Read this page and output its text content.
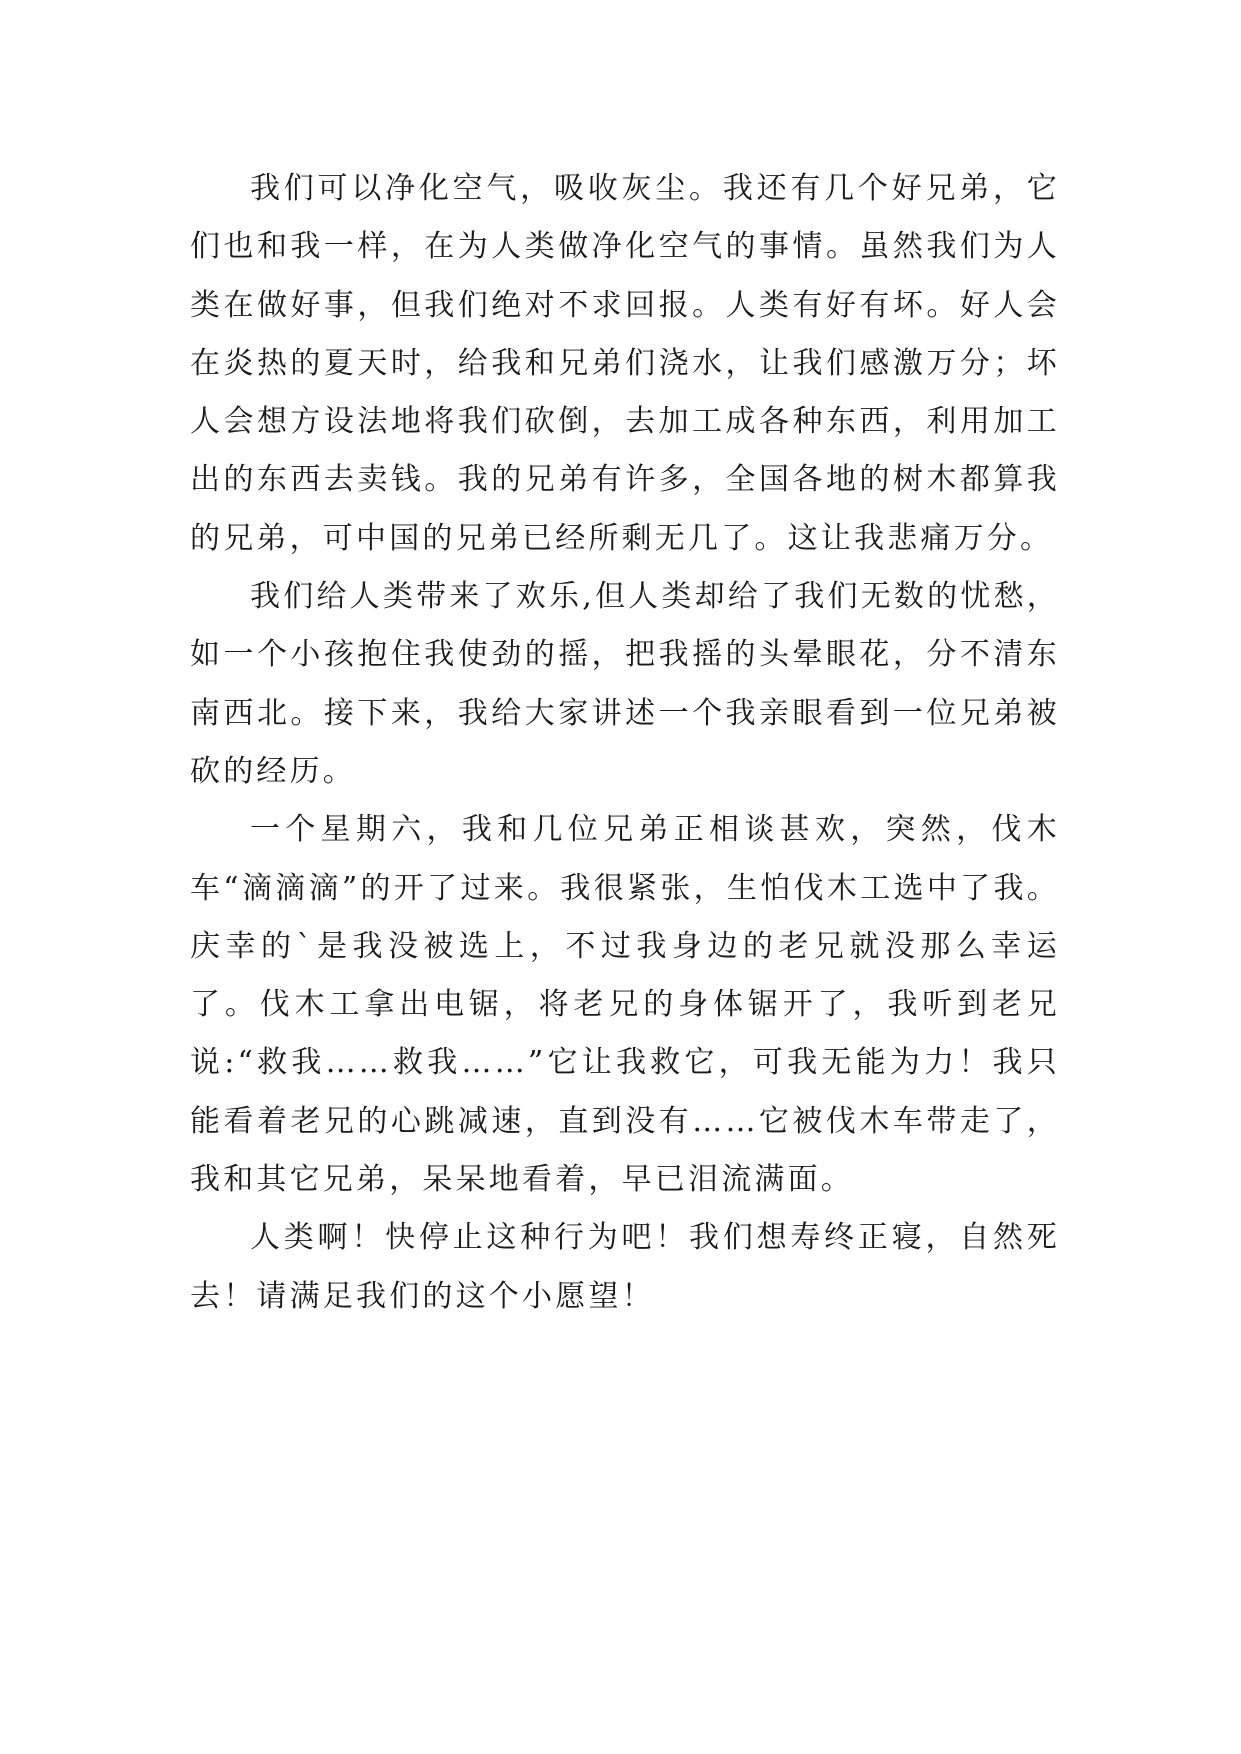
我们可以净化空气，吸收灰尘。我还有几个好兄弟，它们也和我一样，在为人类做净化空气的事情。虽然我们为人类在做好事，但我们绝对不求回报。人类有好有坏。好人会在炎热的夏天时，给我和兄弟们浇水，让我们感激万分；坏人会想方设法地将我们砍倒，去加工成各种东西，利用加工出的东西去卖钱。我的兄弟有许多，全国各地的树木都算我的兄弟，可中国的兄弟已经所剩无几了。这让我悲痛万分。

我们给人类带来了欢乐,但人类却给了我们无数的忧愁，如一个小孩抱住我使劲的摇，把我摇的头晕眼花，分不清东南西北。接下来，我给大家讲述一个我亲眼看到一位兄弟被砍的经历。

一个星期六，我和几位兄弟正相谈甚欢，突然，伐木车“滴滴滴”的开了过来。我很紧张，生怕伐木工选中了我。庆幸的`是我没被选上，不过我身边的老兄就没那么幸运了。伐木工拿出电锯，将老兄的身体锯开了，我听到老兄说:“救我……救我……”它让我救它，可我无能为力！我只能看着老兄的心跳减速，直到没有……它被伐木车带走了，我和其它兄弟，呆呆地看着，早已泪流满面。

人类啊！快停止这种行为吧！我们想寿终正寝，自然死去！请满足我们的这个小愿望！
